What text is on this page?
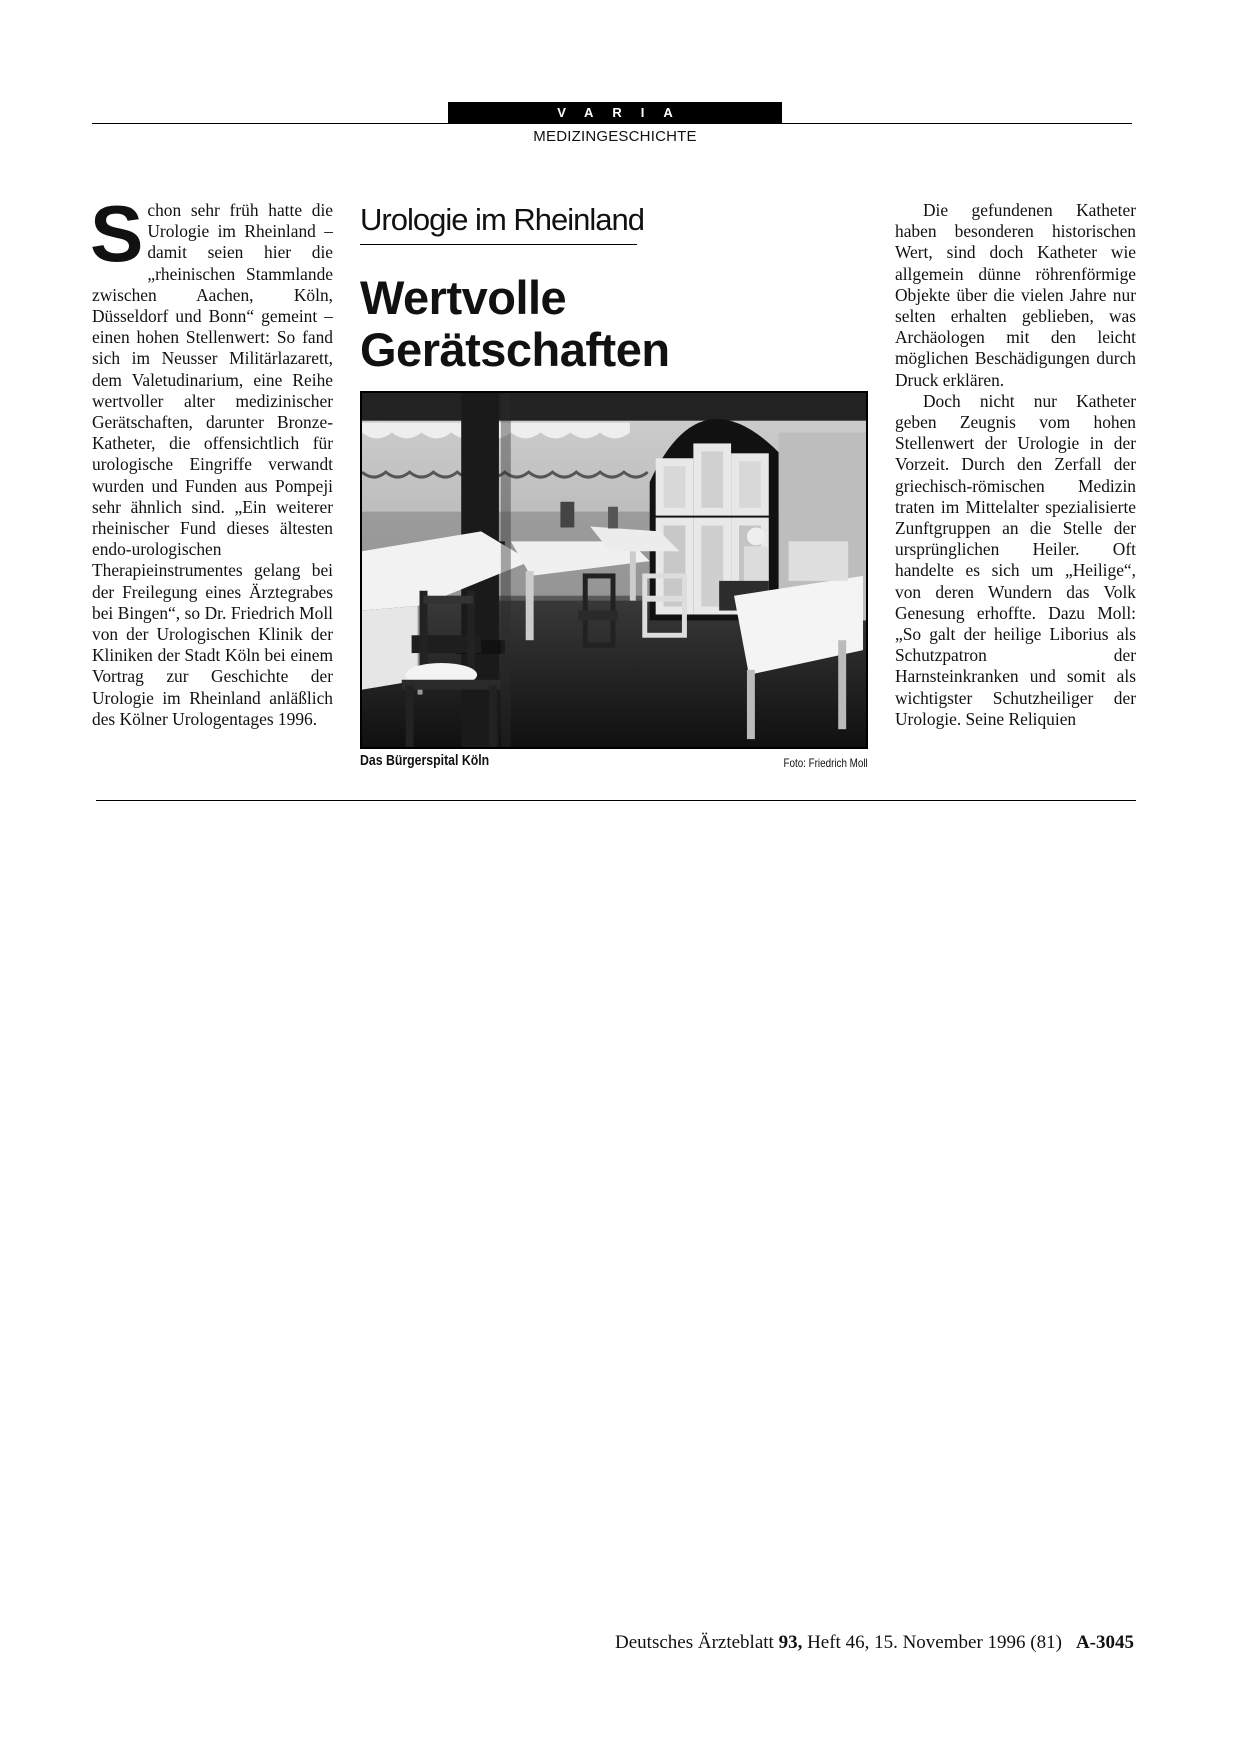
VARIA
MEDIZINGESCHICHTE
S chon sehr früh hatte die Urologie im Rheinland – damit seien hier die „rheinischen Stammlande zwischen Aachen, Köln, Düsseldorf und Bonn“ gemeint – einen hohen Stellenwert: So fand sich im Neusser Militärlazarett, dem Valetudinarium, eine Reihe wertvoller alter medizinischer Gerätschaften, darunter Bronze-Katheter, die offensichtlich für urologische Eingriffe verwandt wurden und Funden aus Pompeji sehr ähnlich sind. „Ein weiterer rheinischer Fund dieses ältesten endo-urologischen Therapieinstrumentes gelang bei der Freilegung eines Ärztegrabes bei Bingen“, so Dr. Friedrich Moll von der Urologischen Klinik der Kliniken der Stadt Köln bei einem Vortrag zur Geschichte der Urologie im Rheinland anläßlich des Kölner Urologentages 1996.

Urologie im Rheinland
Wertvolle
Gerätschaften
Das Bürgerspital Köln	Foto: Friedrich Moll

Die gefundenen Katheter haben besonderen historischen Wert, sind doch Katheter wie allgemein dünne röhrenförmige Objekte über die vielen Jahre nur selten erhalten geblieben, was Archäologen mit den leicht möglichen Beschädigungen durch Druck erklären.

Doch nicht nur Katheter geben Zeugnis vom hohen Stellenwert der Urologie in der Vorzeit. Durch den Zerfall der griechisch-römischen Medizin traten im Mittelalter spezialisierte Zunftgruppen an die Stelle der ursprünglichen Heiler. Oft handelte es sich um „Heilige“, von deren Wundern das Volk Genesung erhoffte. Dazu Moll: „So galt der heilige Liborius als Schutzpatron der Harnsteinkranken und somit als wichtigster Schutzheiliger der Urologie. Seine Reliquien

Deutsches Ärzteblatt 93, Heft 46, 15. November 1996 (81) A-3045
